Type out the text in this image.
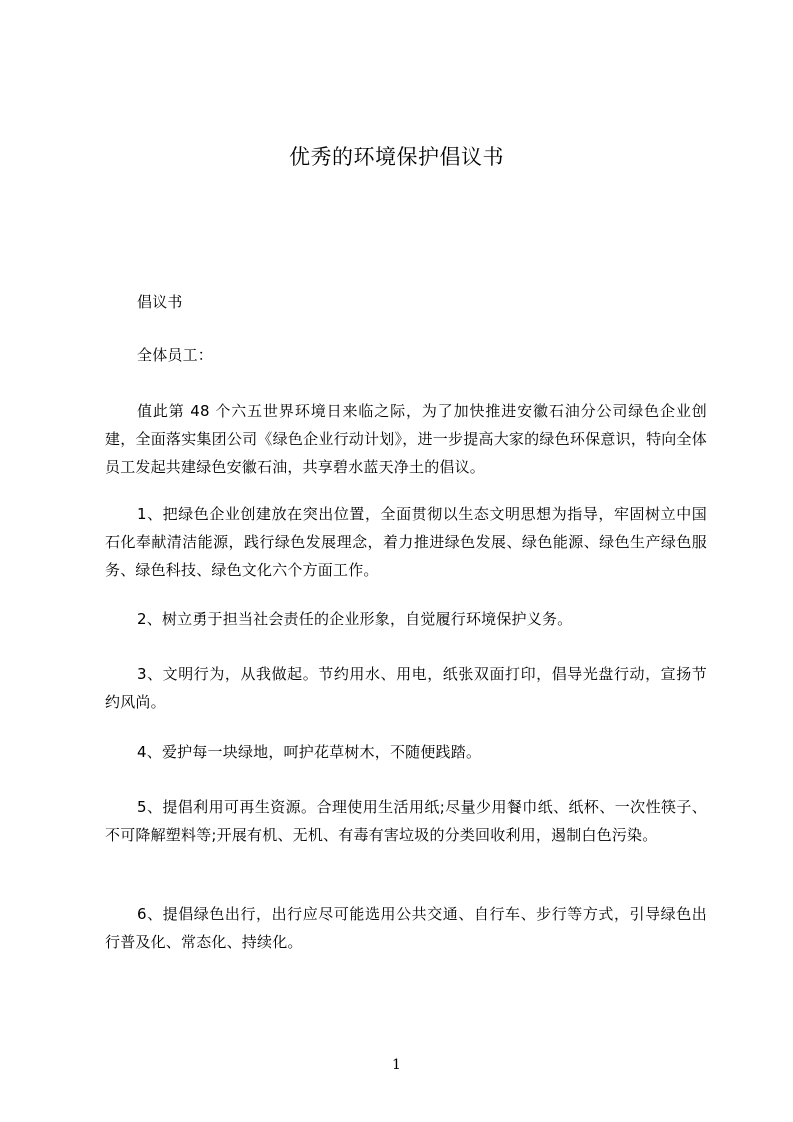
优秀的环境保护倡议书

倡议书

全体员工：

值此第 48 个六五世界环境日来临之际，为了加快推进安徽石油分公司绿色企业创建，全面落实集团公司《绿色企业行动计划》，进一步提高大家的绿色环保意识，特向全体员工发起共建绿色安徽石油，共享碧水蓝天净土的倡议。

1、把绿色企业创建放在突出位置，全面贯彻以生态文明思想为指导，牢固树立中国石化奉献清洁能源，践行绿色发展理念，着力推进绿色发展、绿色能源、绿色生产绿色服务、绿色科技、绿色文化六个方面工作。

2、树立勇于担当社会责任的企业形象，自觉履行环境保护义务。

3、文明行为，从我做起。节约用水、用电，纸张双面打印，倡导光盘行动，宣扬节约风尚。

4、爱护每一块绿地，呵护花草树木，不随便践踏。

5、提倡利用可再生资源。合理使用生活用纸;尽量少用餐巾纸、纸杯、一次性筷子、不可降解塑料等;开展有机、无机、有毒有害垃圾的分类回收利用，遏制白色污染。

6、提倡绿色出行，出行应尽可能选用公共交通、自行车、步行等方式，引导绿色出行普及化、常态化、持续化。

1
